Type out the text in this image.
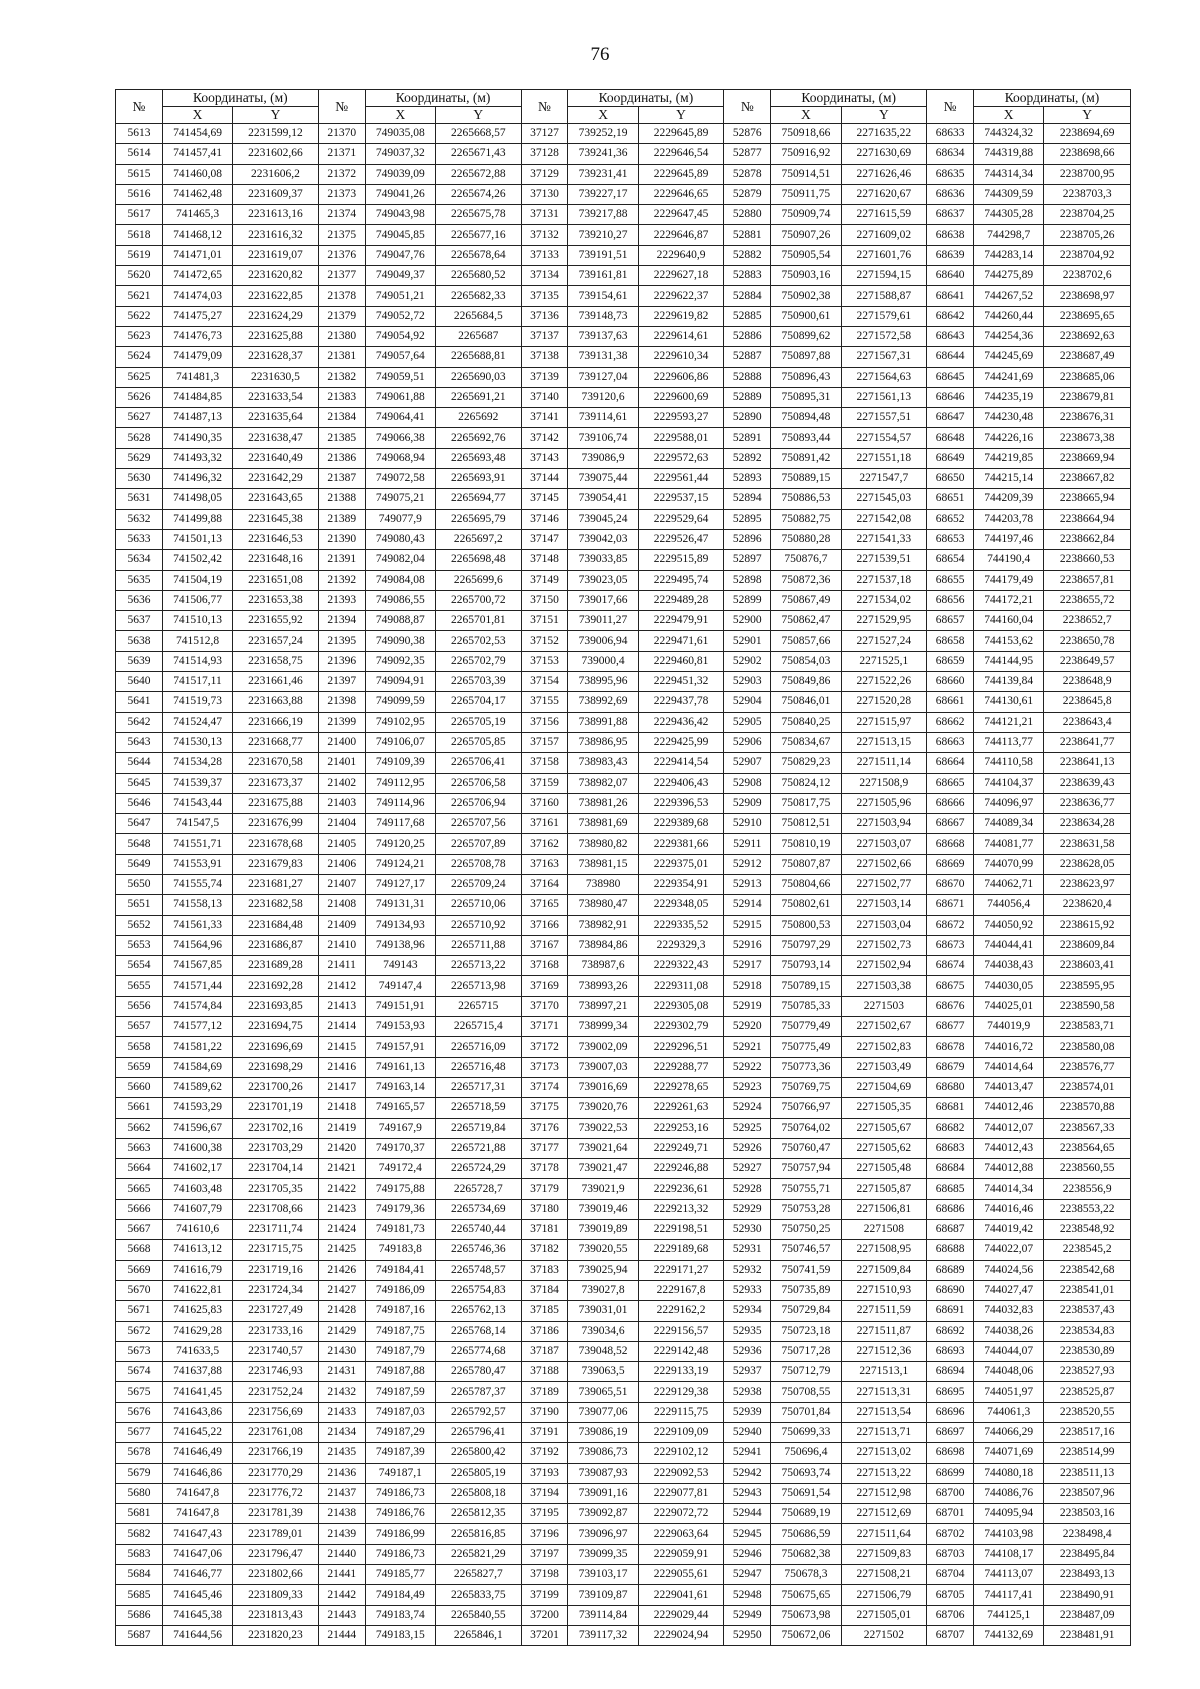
76
№	Координаты, (м)		№	Координаты, (м)		№	Координаты, (м)		№	Координаты, (м)		№	Координаты, (м)	
	X	Y		X	Y		X	Y		X	Y		X	Y
5613	741454,69	2231599,12	21370	749035,08	2265668,57	37127	739252,19	2229645,89	52876	750918,66	2271635,22	68633	744324,32	2238694,69
5614	741457,41	2231602,66	21371	749037,32	2265671,43	37128	739241,36	2229646,54	52877	750916,92	2271630,69	68634	744319,88	2238698,66
5615	741460,08	2231606,2	21372	749039,09	2265672,88	37129	739231,41	2229645,89	52878	750914,51	2271626,46	68635	744314,34	2238700,95
5616	741462,48	2231609,37	21373	749041,26	2265674,26	37130	739227,17	2229646,65	52879	750911,75	2271620,67	68636	744309,59	2238703,3
5617	741465,3	2231613,16	21374	749043,98	2265675,78	37131	739217,88	2229647,45	52880	750909,74	2271615,59	68637	744305,28	2238704,25
5618	741468,12	2231616,32	21375	749045,85	2265677,16	37132	739210,27	2229646,87	52881	750907,26	2271609,02	68638	744298,7	2238705,26
5619	741471,01	2231619,07	21376	749047,76	2265678,64	37133	739191,51	2229640,9	52882	750905,54	2271601,76	68639	744283,14	2238704,92
5620	741472,65	2231620,82	21377	749049,37	2265680,52	37134	739161,81	2229627,18	52883	750903,16	2271594,15	68640	744275,89	2238702,6
5621	741474,03	2231622,85	21378	749051,21	2265682,33	37135	739154,61	2229622,37	52884	750902,38	2271588,87	68641	744267,52	2238698,97
5622	741475,27	2231624,29	21379	749052,72	2265684,5	37136	739148,73	2229619,82	52885	750900,61	2271579,61	68642	744260,44	2238695,65
5623	741476,73	2231625,88	21380	749054,92	2265687	37137	739137,63	2229614,61	52886	750899,62	2271572,58	68643	744254,36	2238692,63
5624	741479,09	2231628,37	21381	749057,64	2265688,81	37138	739131,38	2229610,34	52887	750897,88	2271567,31	68644	744245,69	2238687,49
5625	741481,3	2231630,5	21382	749059,51	2265690,03	37139	739127,04	2229606,86	52888	750896,43	2271564,63	68645	744241,69	2238685,06
5626	741484,85	2231633,54	21383	749061,88	2265691,21	37140	739120,6	2229600,69	52889	750895,31	2271561,13	68646	744235,19	2238679,81
5627	741487,13	2231635,64	21384	749064,41	2265692	37141	739114,61	2229593,27	52890	750894,48	2271557,51	68647	744230,48	2238676,31
5628	741490,35	2231638,47	21385	749066,38	2265692,76	37142	739106,74	2229588,01	52891	750893,44	2271554,57	68648	744226,16	2238673,38
5629	741493,32	2231640,49	21386	749068,94	2265693,48	37143	739086,9	2229572,63	52892	750891,42	2271551,18	68649	744219,85	2238669,94
5630	741496,32	2231642,29	21387	749072,58	2265693,91	37144	739075,44	2229561,44	52893	750889,15	2271547,7	68650	744215,14	2238667,82
5631	741498,05	2231643,65	21388	749075,21	2265694,77	37145	739054,41	2229537,15	52894	750886,53	2271545,03	68651	744209,39	2238665,94
5632	741499,88	2231645,38	21389	749077,9	2265695,79	37146	739045,24	2229529,64	52895	750882,75	2271542,08	68652	744203,78	2238664,94
5633	741501,13	2231646,53	21390	749080,43	2265697,2	37147	739042,03	2229526,47	52896	750880,28	2271541,33	68653	744197,46	2238662,84
5634	741502,42	2231648,16	21391	749082,04	2265698,48	37148	739033,85	2229515,89	52897	750876,7	2271539,51	68654	744190,4	2238660,53
5635	741504,19	2231651,08	21392	749084,08	2265699,6	37149	739023,05	2229495,74	52898	750872,36	2271537,18	68655	744179,49	2238657,81
5636	741506,77	2231653,38	21393	749086,55	2265700,72	37150	739017,66	2229489,28	52899	750867,49	2271534,02	68656	744172,21	2238655,72
5637	741510,13	2231655,92	21394	749088,87	2265701,81	37151	739011,27	2229479,91	52900	750862,47	2271529,95	68657	744160,04	2238652,7
5638	741512,8	2231657,24	21395	749090,38	2265702,53	37152	739006,94	2229471,61	52901	750857,66	2271527,24	68658	744153,62	2238650,78
5639	741514,93	2231658,75	21396	749092,35	2265702,79	37153	739000,4	2229460,81	52902	750854,03	2271525,1	68659	744144,95	2238649,57
5640	741517,11	2231661,46	21397	749094,91	2265703,39	37154	738995,96	2229451,32	52903	750849,86	2271522,26	68660	744139,84	2238648,9
5641	741519,73	2231663,88	21398	749099,59	2265704,17	37155	738992,69	2229437,78	52904	750846,01	2271520,28	68661	744130,61	2238645,8
5642	741524,47	2231666,19	21399	749102,95	2265705,19	37156	738991,88	2229436,42	52905	750840,25	2271515,97	68662	744121,21	2238643,4
5643	741530,13	2231668,77	21400	749106,07	2265705,85	37157	738986,95	2229425,99	52906	750834,67	2271513,15	68663	744113,77	2238641,77
5644	741534,28	2231670,58	21401	749109,39	2265706,41	37158	738983,43	2229414,54	52907	750829,23	2271511,14	68664	744110,58	2238641,13
5645	741539,37	2231673,37	21402	749112,95	2265706,58	37159	738982,07	2229406,43	52908	750824,12	2271508,9	68665	744104,37	2238639,43
5646	741543,44	2231675,88	21403	749114,96	2265706,94	37160	738981,26	2229396,53	52909	750817,75	2271505,96	68666	744096,97	2238636,77
5647	741547,5	2231676,99	21404	749117,68	2265707,56	37161	738981,69	2229389,68	52910	750812,51	2271503,94	68667	744089,34	2238634,28
5648	741551,71	2231678,68	21405	749120,25	2265707,89	37162	738980,82	2229381,66	52911	750810,19	2271503,07	68668	744081,77	2238631,58
5649	741553,91	2231679,83	21406	749124,21	2265708,78	37163	738981,15	2229375,01	52912	750807,87	2271502,66	68669	744070,99	2238628,05
5650	741555,74	2231681,27	21407	749127,17	2265709,24	37164	738980	2229354,91	52913	750804,66	2271502,77	68670	744062,71	2238623,97
5651	741558,13	2231682,58	21408	749131,31	2265710,06	37165	738980,47	2229348,05	52914	750802,61	2271503,14	68671	744056,4	2238620,4
5652	741561,33	2231684,48	21409	749134,93	2265710,92	37166	738982,91	2229335,52	52915	750800,53	2271503,04	68672	744050,92	2238615,92
5653	741564,96	2231686,87	21410	749138,96	2265711,88	37167	738984,86	2229329,3	52916	750797,29	2271502,73	68673	744044,41	2238609,84
5654	741567,85	2231689,28	21411	749143	2265713,22	37168	738987,6	2229322,43	52917	750793,14	2271502,94	68674	744038,43	2238603,41
5655	741571,44	2231692,28	21412	749147,4	2265713,98	37169	738993,26	2229311,08	52918	750789,15	2271503,38	68675	744030,05	2238595,95
5656	741574,84	2231693,85	21413	749151,91	2265715	37170	738997,21	2229305,08	52919	750785,33	2271503	68676	744025,01	2238590,58
5657	741577,12	2231694,75	21414	749153,93	2265715,4	37171	738999,34	2229302,79	52920	750779,49	2271502,67	68677	744019,9	2238583,71
5658	741581,22	2231696,69	21415	749157,91	2265716,09	37172	739002,09	2229296,51	52921	750775,49	2271502,83	68678	744016,72	2238580,08
5659	741584,69	2231698,29	21416	749161,13	2265716,48	37173	739007,03	2229288,77	52922	750773,36	2271503,49	68679	744014,64	2238576,77
5660	741589,62	2231700,26	21417	749163,14	2265717,31	37174	739016,69	2229278,65	52923	750769,75	2271504,69	68680	744013,47	2238574,01
5661	741593,29	2231701,19	21418	749165,57	2265718,59	37175	739020,76	2229261,63	52924	750766,97	2271505,35	68681	744012,46	2238570,88
5662	741596,67	2231702,16	21419	749167,9	2265719,84	37176	739022,53	2229253,16	52925	750764,02	2271505,67	68682	744012,07	2238567,33
5663	741600,38	2231703,29	21420	749170,37	2265721,88	37177	739021,64	2229249,71	52926	750760,47	2271505,62	68683	744012,43	2238564,65
5664	741602,17	2231704,14	21421	749172,4	2265724,29	37178	739021,47	2229246,88	52927	750757,94	2271505,48	68684	744012,88	2238560,55
5665	741603,48	2231705,35	21422	749175,88	2265728,7	37179	739021,9	2229236,61	52928	750755,71	2271505,87	68685	744014,34	2238556,9
5666	741607,79	2231708,66	21423	749179,36	2265734,69	37180	739019,46	2229213,32	52929	750753,28	2271506,81	68686	744016,46	2238553,22
5667	741610,6	2231711,74	21424	749181,73	2265740,44	37181	739019,89	2229198,51	52930	750750,25	2271508	68687	744019,42	2238548,92
5668	741613,12	2231715,75	21425	749183,8	2265746,36	37182	739020,55	2229189,68	52931	750746,57	2271508,95	68688	744022,07	2238545,2
5669	741616,79	2231719,16	21426	749184,41	2265748,57	37183	739025,94	2229171,27	52932	750741,59	2271509,84	68689	744024,56	2238542,68
5670	741622,81	2231724,34	21427	749186,09	2265754,83	37184	739027,8	2229167,8	52933	750735,89	2271510,93	68690	744027,47	2238541,01
5671	741625,83	2231727,49	21428	749187,16	2265762,13	37185	739031,01	2229162,2	52934	750729,84	2271511,59	68691	744032,83	2238537,43
5672	741629,28	2231733,16	21429	749187,75	2265768,14	37186	739034,6	2229156,57	52935	750723,18	2271511,87	68692	744038,26	2238534,83
5673	741633,5	2231740,57	21430	749187,79	2265774,68	37187	739048,52	2229142,48	52936	750717,28	2271512,36	68693	744044,07	2238530,89
5674	741637,88	2231746,93	21431	749187,88	2265780,47	37188	739063,5	2229133,19	52937	750712,79	2271513,1	68694	744048,06	2238527,93
5675	741641,45	2231752,24	21432	749187,59	2265787,37	37189	739065,51	2229129,38	52938	750708,55	2271513,31	68695	744051,97	2238525,87
5676	741643,86	2231756,69	21433	749187,03	2265792,57	37190	739077,06	2229115,75	52939	750701,84	2271513,54	68696	744061,3	2238520,55
5677	741645,22	2231761,08	21434	749187,29	2265796,41	37191	739086,19	2229109,09	52940	750699,33	2271513,71	68697	744066,29	2238517,16
5678	741646,49	2231766,19	21435	749187,39	2265800,42	37192	739086,73	2229102,12	52941	750696,4	2271513,02	68698	744071,69	2238514,99
5679	741646,86	2231770,29	21436	749187,1	2265805,19	37193	739087,93	2229092,53	52942	750693,74	2271513,22	68699	744080,18	2238511,13
5680	741647,8	2231776,72	21437	749186,73	2265808,18	37194	739091,16	2229077,81	52943	750691,54	2271512,98	68700	744086,76	2238507,96
5681	741647,8	2231781,39	21438	749186,76	2265812,35	37195	739092,87	2229072,72	52944	750689,19	2271512,69	68701	744095,94	2238503,16
5682	741647,43	2231789,01	21439	749186,99	2265816,85	37196	739096,97	2229063,64	52945	750686,59	2271511,64	68702	744103,98	2238498,4
5683	741647,06	2231796,47	21440	749186,73	2265821,29	37197	739099,35	2229059,91	52946	750682,38	2271509,83	68703	744108,17	2238495,84
5684	741646,77	2231802,66	21441	749185,77	2265827,7	37198	739103,17	2229055,61	52947	750678,3	2271508,21	68704	744113,07	2238493,13
5685	741645,46	2231809,33	21442	749184,49	2265833,75	37199	739109,87	2229041,61	52948	750675,65	2271506,79	68705	744117,41	2238490,91
5686	741645,38	2231813,43	21443	749183,74	2265840,55	37200	739114,84	2229029,44	52949	750673,98	2271505,01	68706	744125,1	2238487,09
5687	741644,56	2231820,23	21444	749183,15	2265846,1	37201	739117,32	2229024,94	52950	750672,06	2271502	68707	744132,69	2238481,91
